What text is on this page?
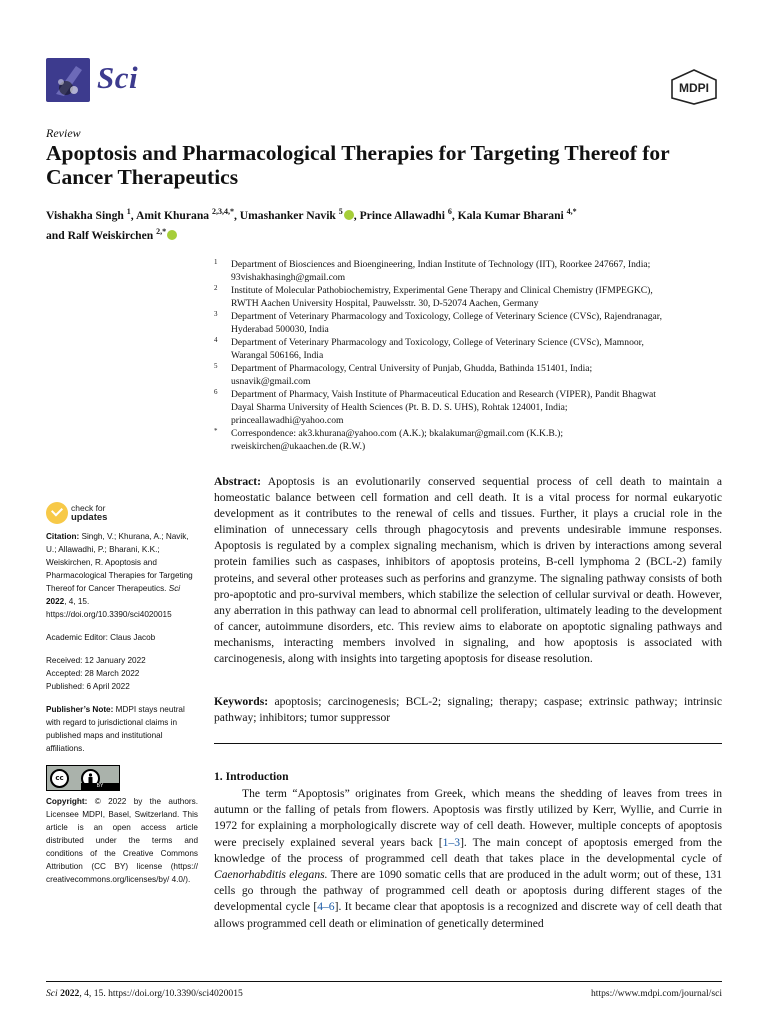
Sci	MDPI
Review
Apoptosis and Pharmacological Therapies for Targeting Thereof for Cancer Therapeutics
Vishakha Singh $^1$, Amit Khurana $^{2,3,4,*}$, Umashanker Navik $^5$ , Prince Allawadhi $^6$, Kala Kumar Bharani $^{4,*}$
and Ralf Weiskirchen $^{2,*}$
1	Department of Biosciences and Bioengineering, Indian Institute of Technology (IIT), Roorkee 247667, India;
93vishakhasingh@gmail.com
2	Institute of Molecular Pathobiochemistry, Experimental Gene Therapy and Clinical Chemistry (IFMPEGKC),
RWTH Aachen University Hospital, Pauwelsstr. 30, D-52074 Aachen, Germany
3	Department of Veterinary Pharmacology and Toxicology, College of Veterinary Science (CVSc), Rajendranagar,
Hyderabad 500030, India
4	Department of Veterinary Pharmacology and Toxicology, College of Veterinary Science (CVSc), Mamnoor,
Warangal 506166, India
5	Department of Pharmacology, Central University of Punjab, Ghudda, Bathinda 151401, India;
usnavik@gmail.com
6	Department of Pharmacy, Vaish Institute of Pharmaceutical Education and Research (VIPER), Pandit Bhagwat
Dayal Sharma University of Health Sciences (Pt. B. D. S. UHS), Rohtak 124001, India;
princeallawadhi@yahoo.com
*	Correspondence: ak3.khurana@yahoo.com (A.K.); bkalakumar@gmail.com (K.K.B.);
rweiskirchen@ukaachen.de (R.W.)
check for
updates
Citation: Singh, V.; Khurana, A.; Navik, U.; Allawadhi, P.; Bharani, K.K.; Weiskirchen, R. Apoptosis and Pharmacological Therapies for Targeting Thereof for Cancer Therapeutics. Sci 2022, 4, 15. https://doi.org/10.3390/sci4020015
Academic Editor: Claus Jacob
Received: 12 January 2022
Accepted: 28 March 2022
Published: 6 April 2022
Publisher’s Note: MDPI stays neutral with regard to jurisdictional claims in published maps and institutional affiliations.
cc
BY
Copyright: © 2022 by the authors. Licensee MDPI, Basel, Switzerland. This article is an open access article distributed under the terms and conditions of the Creative Commons Attribution (CC BY) license (https:// creativecommons.org/licenses/by/ 4.0/).
Abstract: Apoptosis is an evolutionarily conserved sequential process of cell death to maintain a homeostatic balance between cell formation and cell death. It is a vital process for normal eukaryotic development as it contributes to the renewal of cells and tissues. Further, it plays a crucial role in the elimination of unnecessary cells through phagocytosis and prevents undesirable immune responses. Apoptosis is regulated by a complex signaling mechanism, which is driven by interactions among several protein families such as caspases, inhibitors of apoptosis proteins, B-cell lymphoma 2 (BCL-2) family proteins, and several other proteases such as perforins and granzyme. The signaling pathway consists of both pro-apoptotic and pro-survival members, which stabilize the selection of cellular survival or death. However, any aberration in this pathway can lead to abnormal cell proliferation, ultimately leading to the development of cancer, autoimmune disorders, etc. This review aims to elaborate on apoptotic signaling pathways and mechanisms, interacting members involved in signaling, and how apoptosis is associated with carcinogenesis, along with insights into targeting apoptosis for disease resolution.
Keywords: apoptosis; carcinogenesis; BCL-2; signaling; therapy; caspase; extrinsic pathway; intrinsic pathway; inhibitors; tumor suppressor
1. Introduction
The term “Apoptosis” originates from Greek, which means the shedding of leaves from trees in autumn or the falling of petals from flowers. Apoptosis was firstly utilized by Kerr, Wyllie, and Currie in 1972 for explaining a morphologically discrete way of cell death. However, multiple concepts of apoptosis were precisely explained several years back [1–3]. The main concept of apoptosis emerged from the knowledge of the process of programmed cell death that takes place in the developmental cycle of Caenorhabditis elegans. There are 1090 somatic cells that are produced in the adult worm; out of these, 131 cells go through the pathway of programmed cell death or apoptosis during different stages of the developmental cycle [4–6]. It became clear that apoptosis is a recognized and discrete way of cell death that allows programmed cell death or elimination of genetically determined
Sci 2022, 4, 15. https://doi.org/10.3390/sci4020015	https://www.mdpi.com/journal/sci
